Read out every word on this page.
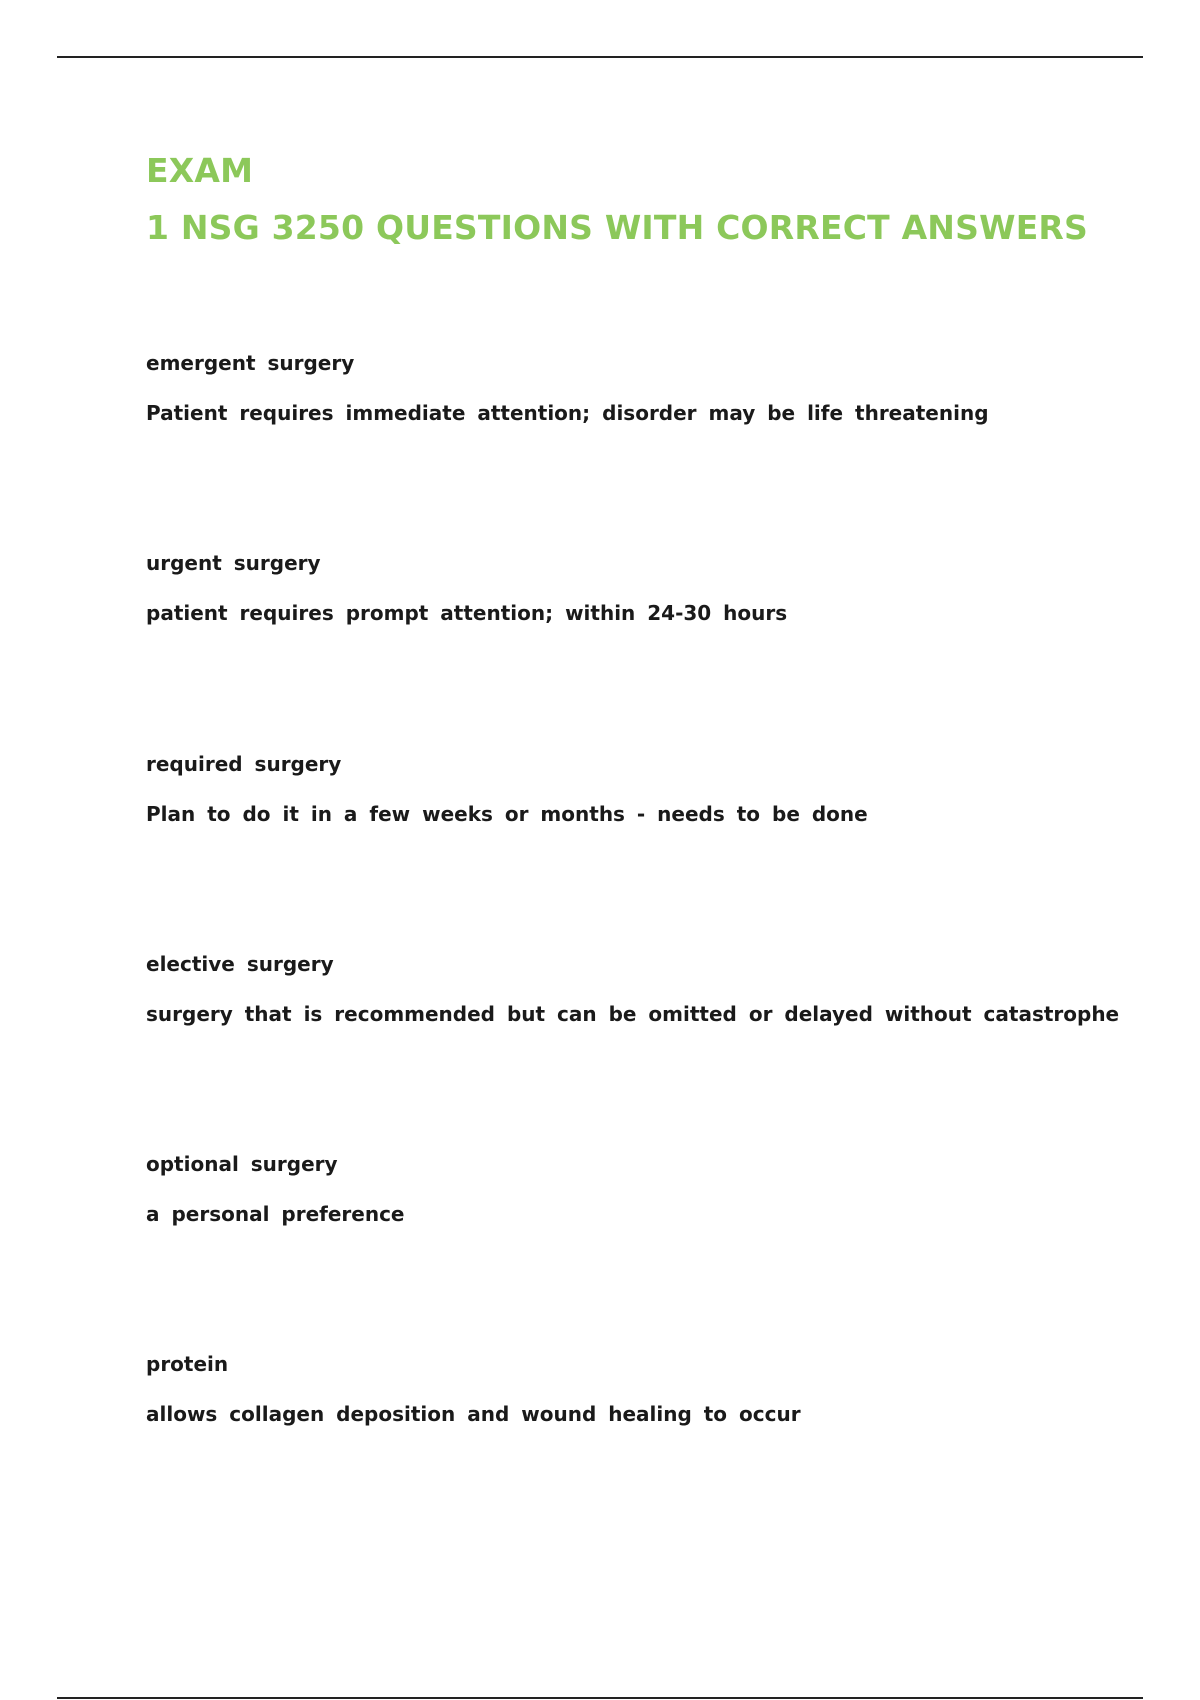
EXAM
1 NSG 3250 QUESTIONS WITH CORRECT ANSWERS
emergent surgery
Patient requires immediate attention; disorder may be life threatening
urgent surgery
patient requires prompt attention; within 24-30 hours
required surgery
Plan to do it in a few weeks or months - needs to be done
elective surgery
surgery that is recommended but can be omitted or delayed without catastrophe
optional surgery
a personal preference
protein
allows collagen deposition and wound healing to occur
